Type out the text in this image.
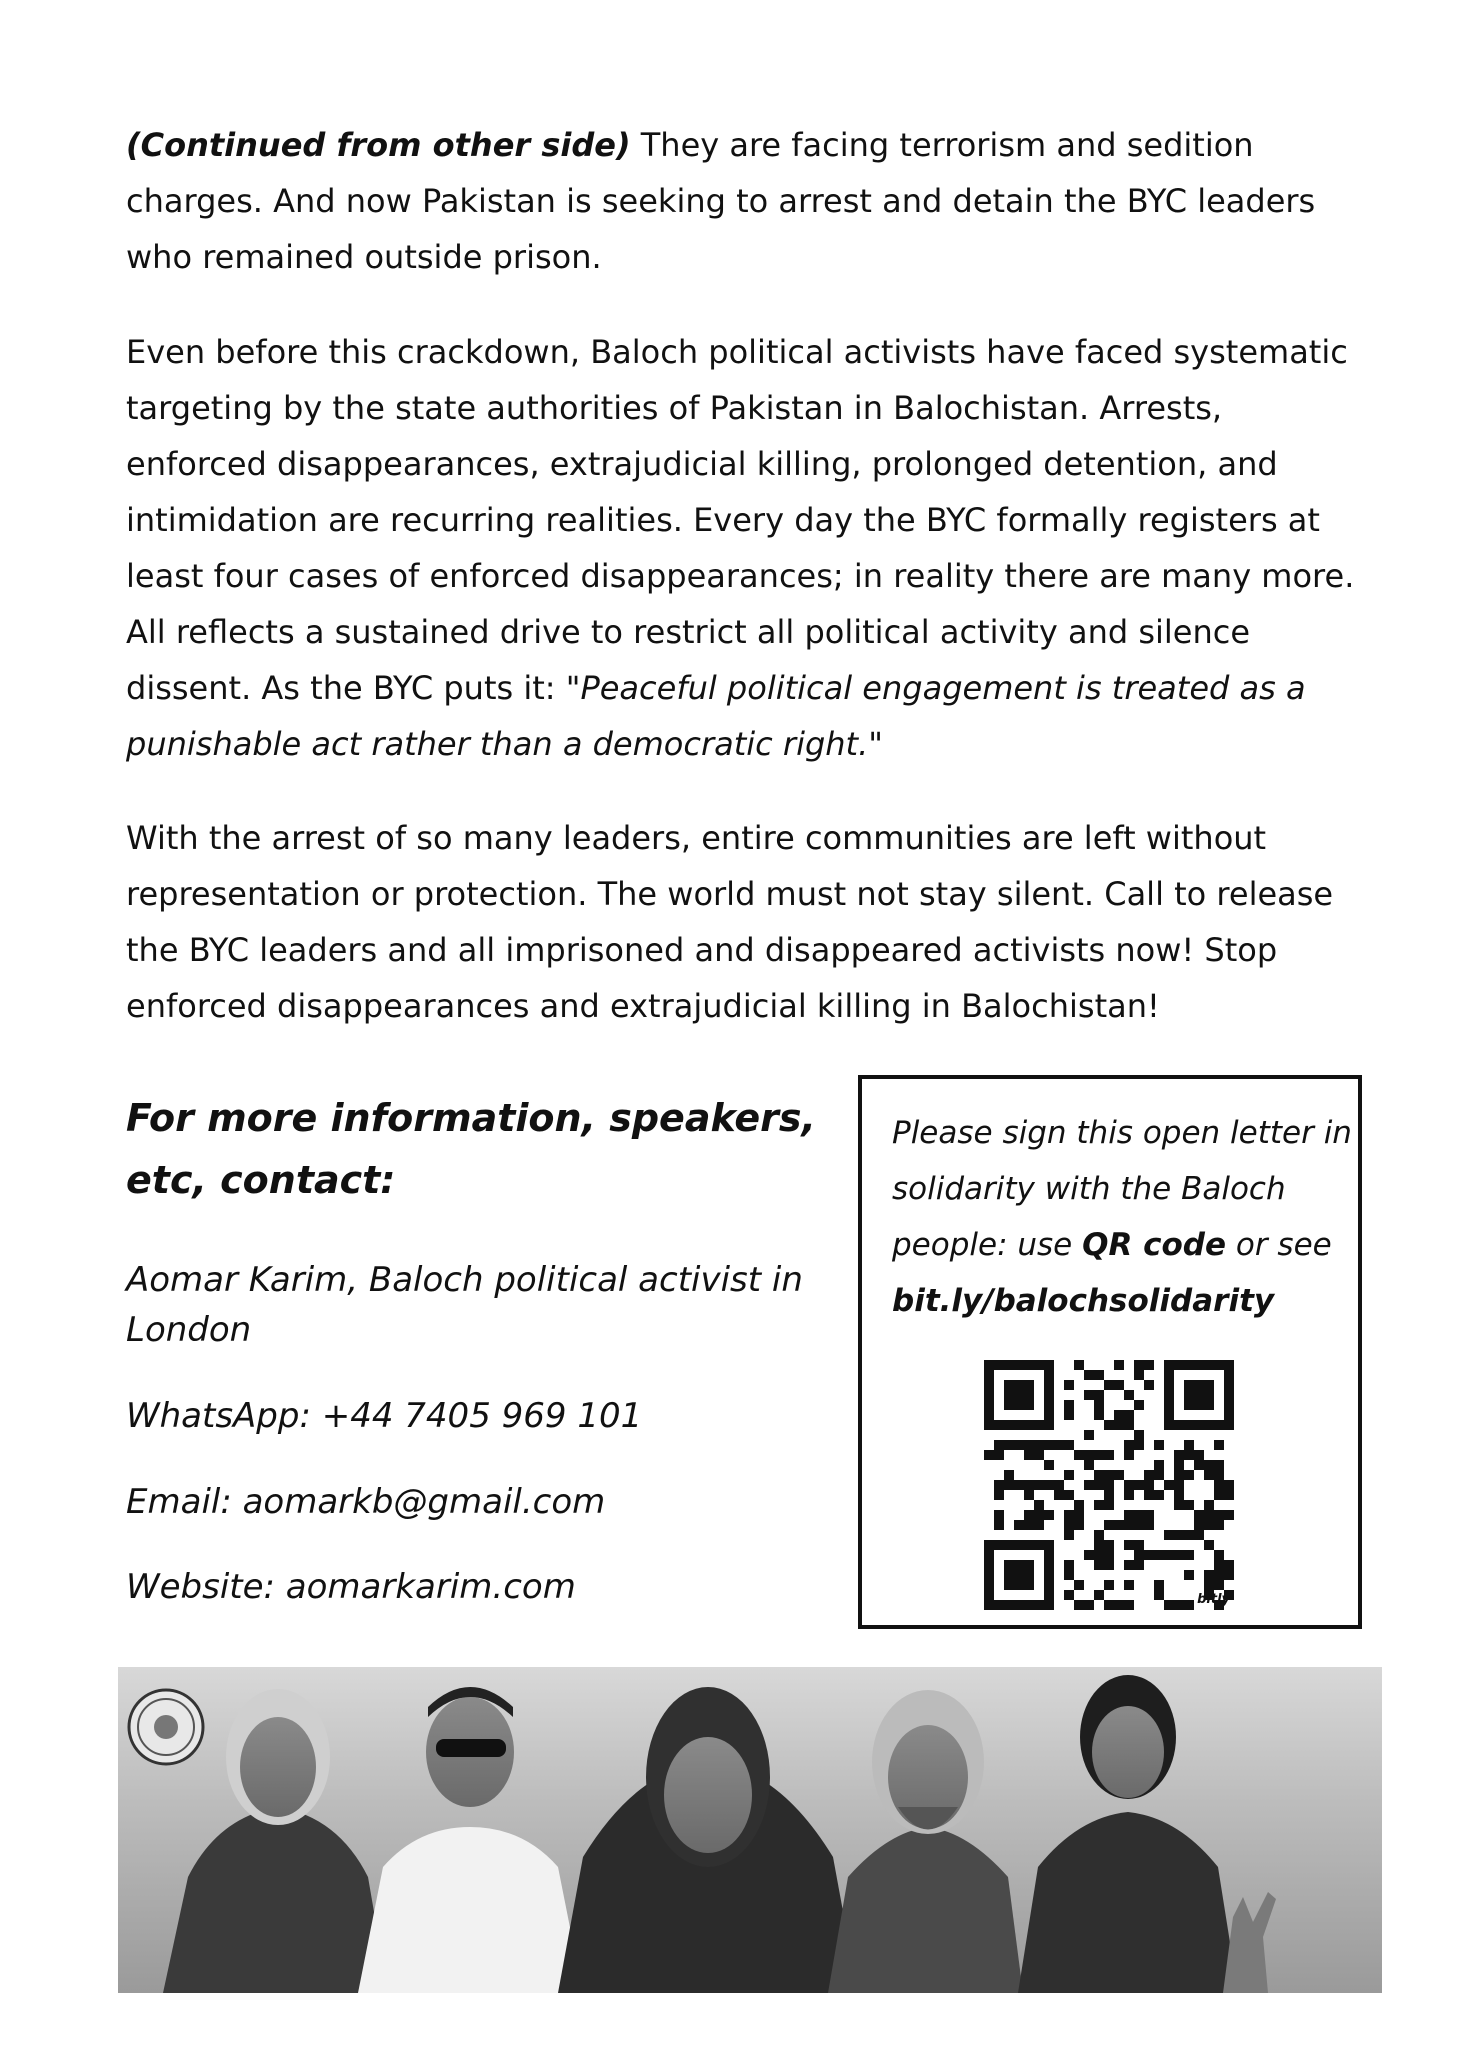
(Continued from other side) They are facing terrorism and sedition charges. And now Pakistan is seeking to arrest and detain the BYC leaders who remained outside prison.

Even before this crackdown, Baloch political activists have faced systematic targeting by the state authorities of Pakistan in Balochistan. Arrests, enforced disappearances, extrajudicial killing, prolonged detention, and intimidation are recurring realities. Every day the BYC formally registers at least four cases of enforced disappearances; in reality there are many more. All reflects a sustained drive to restrict all political activity and silence dissent. As the BYC puts it: "Peaceful political engagement is treated as a punishable act rather than a democratic right."

With the arrest of so many leaders, entire communities are left without representation or protection. The world must not stay silent. Call to release the BYC leaders and all imprisoned and disappeared activists now! Stop enforced disappearances and extrajudicial killing in Balochistan!

For more information, speakers, etc, contact:

Aomar Karim, Baloch political activist in London

WhatsApp: +44 7405 969 101

Email: aomarkb@gmail.com

Website: aomarkarim.com

Please sign this open letter in solidarity with the Baloch people: use QR code or see bit.ly/balochsolidarity

bitly
